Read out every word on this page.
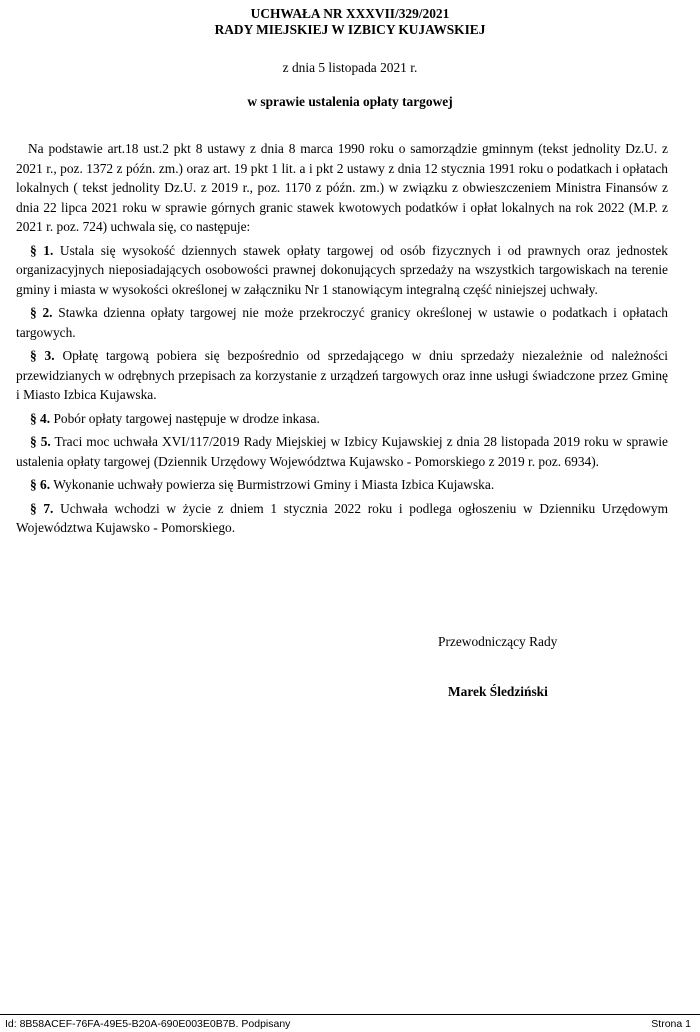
UCHWAŁA NR XXXVII/329/2021
RADY MIEJSKIEJ W IZBICY KUJAWSKIEJ
z dnia 5 listopada 2021 r.
w sprawie ustalenia opłaty targowej

Na podstawie art.18 ust.2 pkt 8 ustawy z dnia 8 marca 1990 roku o samorządzie gminnym (tekst jednolity Dz.U. z 2021 r., poz. 1372 z późn. zm.) oraz art. 19 pkt 1 lit. a i pkt 2 ustawy z dnia 12 stycznia 1991 roku o podatkach i opłatach lokalnych ( tekst jednolity Dz.U. z 2019 r., poz. 1170 z późn. zm.) w związku z obwieszczeniem Ministra Finansów z dnia 22 lipca 2021 roku w sprawie górnych granic stawek kwotowych podatków i opłat lokalnych na rok 2022 (M.P. z 2021 r. poz. 724) uchwala się, co następuje:

§ 1. Ustala się wysokość dziennych stawek opłaty targowej od osób fizycznych i od prawnych oraz jednostek organizacyjnych nieposiadających osobowości prawnej dokonujących sprzedaży na wszystkich targowiskach na terenie gminy i miasta w wysokości określonej w załączniku Nr 1 stanowiącym integralną część niniejszej uchwały.

§ 2. Stawka dzienna opłaty targowej nie może przekroczyć granicy określonej w ustawie o podatkach i opłatach targowych.

§ 3. Opłatę targową pobiera się bezpośrednio od sprzedającego w dniu sprzedaży niezależnie od należności przewidzianych w odrębnych przepisach za korzystanie z urządzeń targowych oraz inne usługi świadczone przez Gminę i Miasto Izbica Kujawska.

§ 4. Pobór opłaty targowej następuje w drodze inkasa.

§ 5. Traci moc uchwała XVI/117/2019 Rady Miejskiej w Izbicy Kujawskiej z dnia 28 listopada 2019 roku w sprawie ustalenia opłaty targowej (Dziennik Urzędowy Województwa Kujawsko - Pomorskiego z 2019 r. poz. 6934).

§ 6. Wykonanie uchwały powierza się Burmistrzowi Gminy i Miasta Izbica Kujawska.

§ 7. Uchwała wchodzi w życie z dniem 1 stycznia 2022 roku i podlega ogłoszeniu w Dzienniku Urzędowym Województwa Kujawsko - Pomorskiego.

Przewodniczący Rady
Marek Śledziński
Id: 8B58ACEF-76FA-49E5-B20A-690E003E0B7B. Podpisany	Strona 1
